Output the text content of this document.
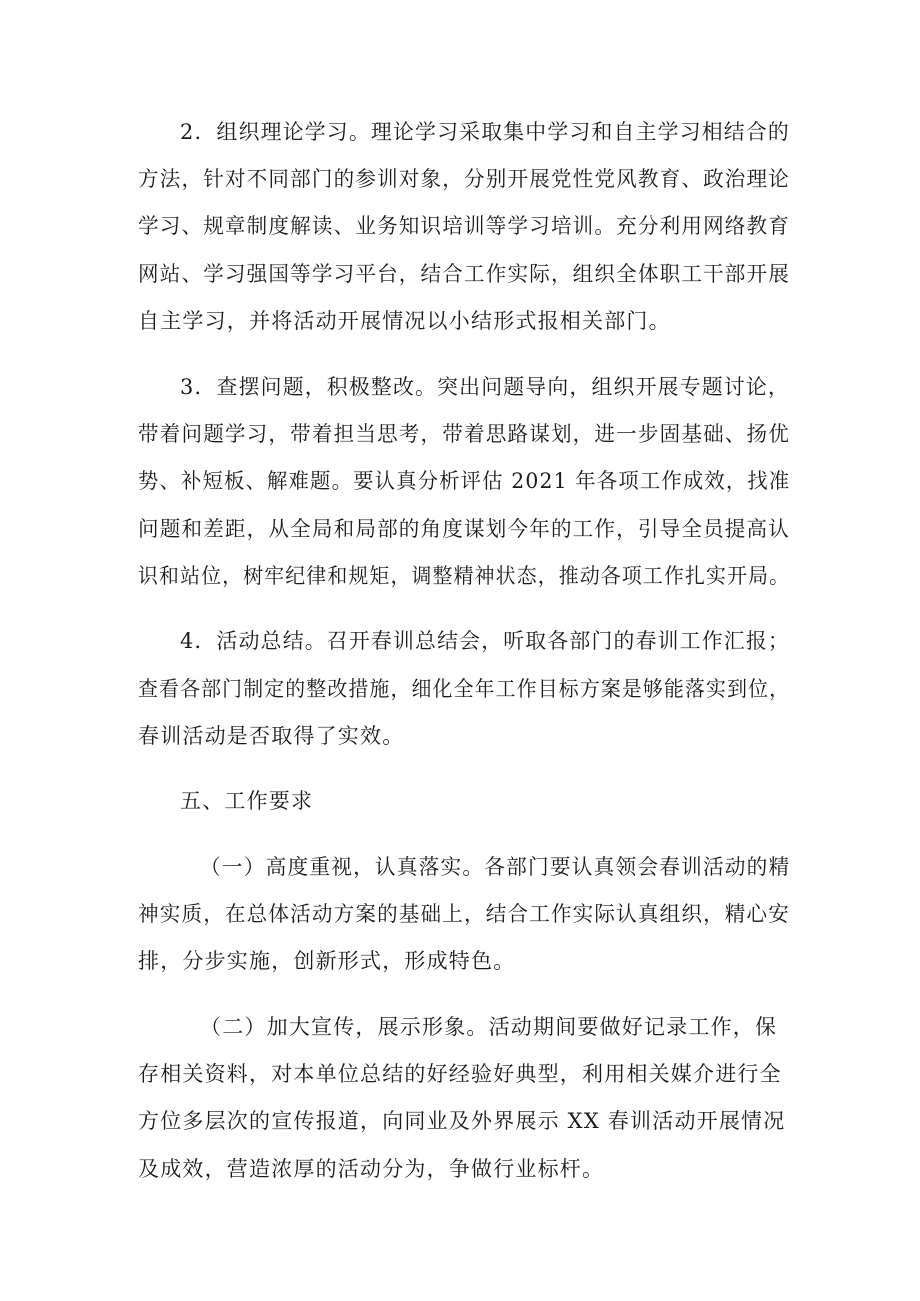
2．组织理论学习。理论学习采取集中学习和自主学习相结合的
方法，针对不同部门的参训对象，分别开展党性党风教育、政治理论
学习、规章制度解读、业务知识培训等学习培训。充分利用网络教育
网站、学习强国等学习平台，结合工作实际，组织全体职工干部开展
自主学习，并将活动开展情况以小结形式报相关部门。
3．查摆问题，积极整改。突出问题导向，组织开展专题讨论，
带着问题学习，带着担当思考，带着思路谋划，进一步固基础、扬优
势、补短板、解难题。要认真分析评估 2021 年各项工作成效，找准
问题和差距，从全局和局部的角度谋划今年的工作，引导全员提高认
识和站位，树牢纪律和规矩，调整精神状态，推动各项工作扎实开局。
4．活动总结。召开春训总结会，听取各部门的春训工作汇报；
查看各部门制定的整改措施，细化全年工作目标方案是够能落实到位，
春训活动是否取得了实效。
五、工作要求
（一）高度重视，认真落实。各部门要认真领会春训活动的精
神实质，在总体活动方案的基础上，结合工作实际认真组织，精心安
排，分步实施，创新形式，形成特色。
（二）加大宣传，展示形象。活动期间要做好记录工作，保
存相关资料，对本单位总结的好经验好典型，利用相关媒介进行全
方位多层次的宣传报道，向同业及外界展示 XX 春训活动开展情况
及成效，营造浓厚的活动分为，争做行业标杆。
